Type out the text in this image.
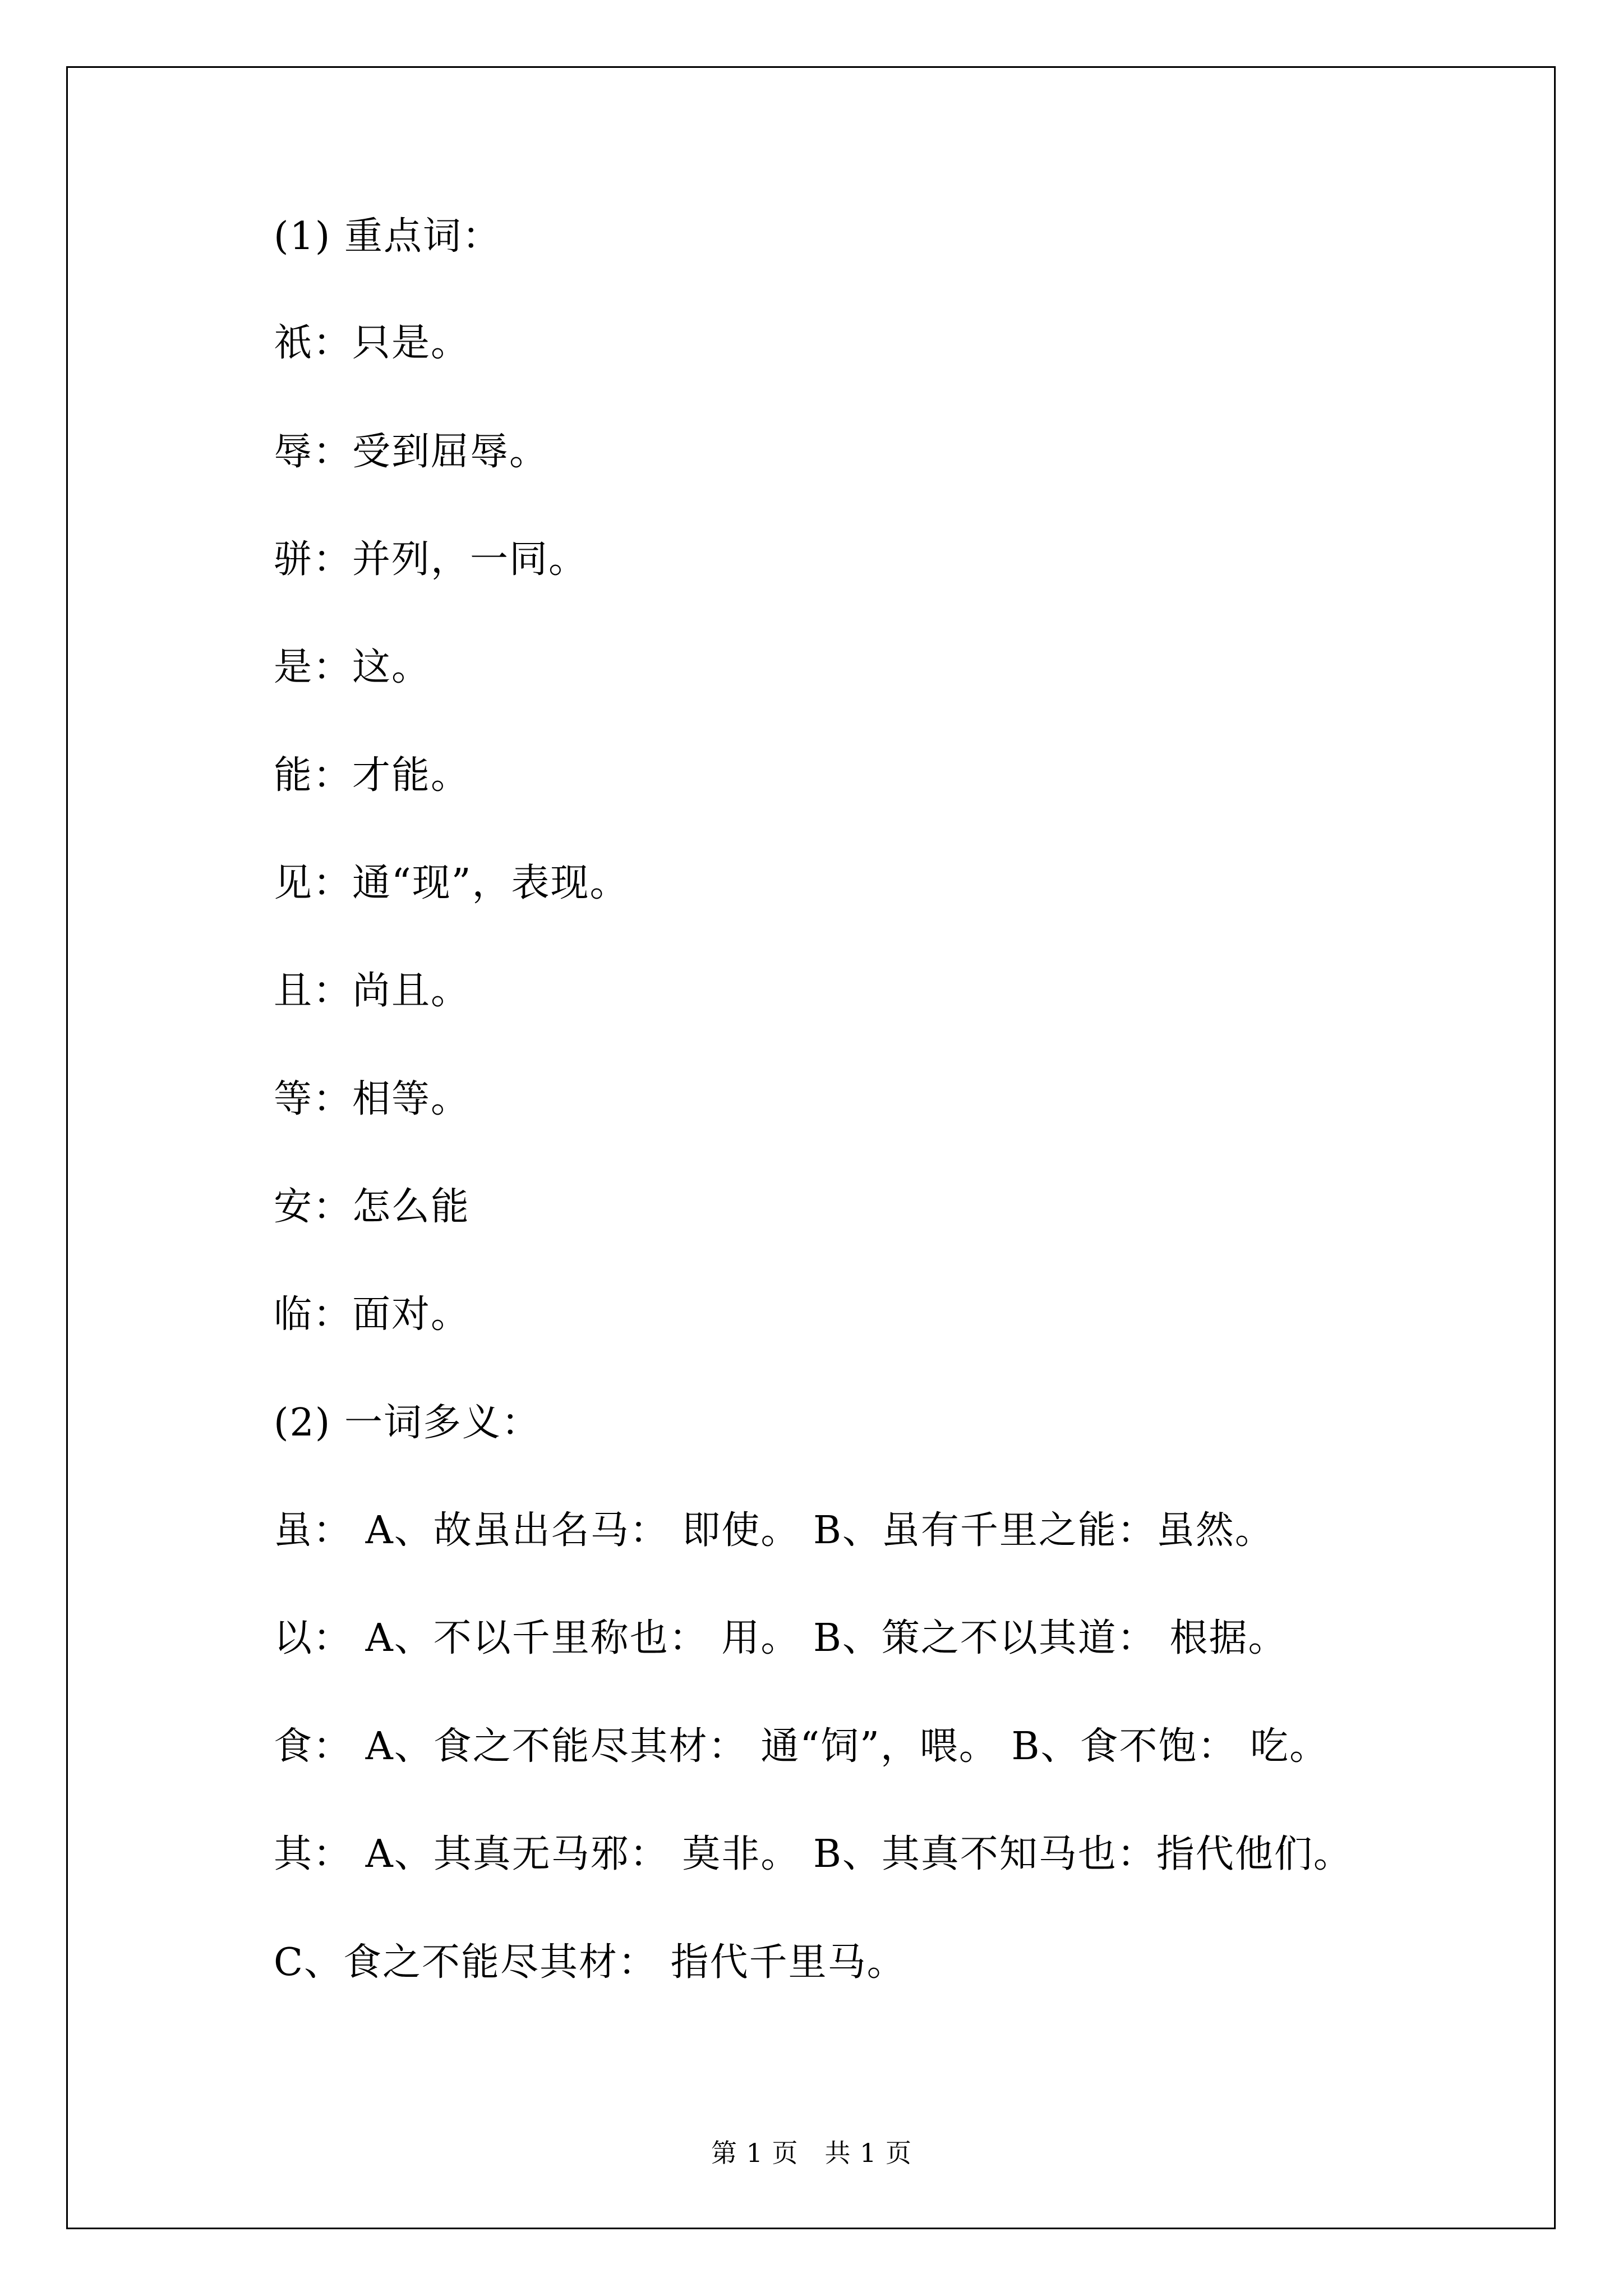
(1) 重点词：
祇：只是。
辱：受到屈辱。
骈：并列，一同。
是：这。
能：才能。
见：通“现”，表现。
且：尚且。
等：相等。
安：怎么能
临：面对。
(2) 一词多义：
虽： A、故虽出名马： 即使。 B、虽有千里之能：虽然。
以： A、不以千里称也： 用。 B、策之不以其道： 根据。
食： A、食之不能尽其材： 通“饲”，喂。 B、食不饱： 吃。
其： A、其真无马邪： 莫非。 B、其真不知马也：指代他们。
C、食之不能尽其材： 指代千里马。
第 1 页　共 1 页
